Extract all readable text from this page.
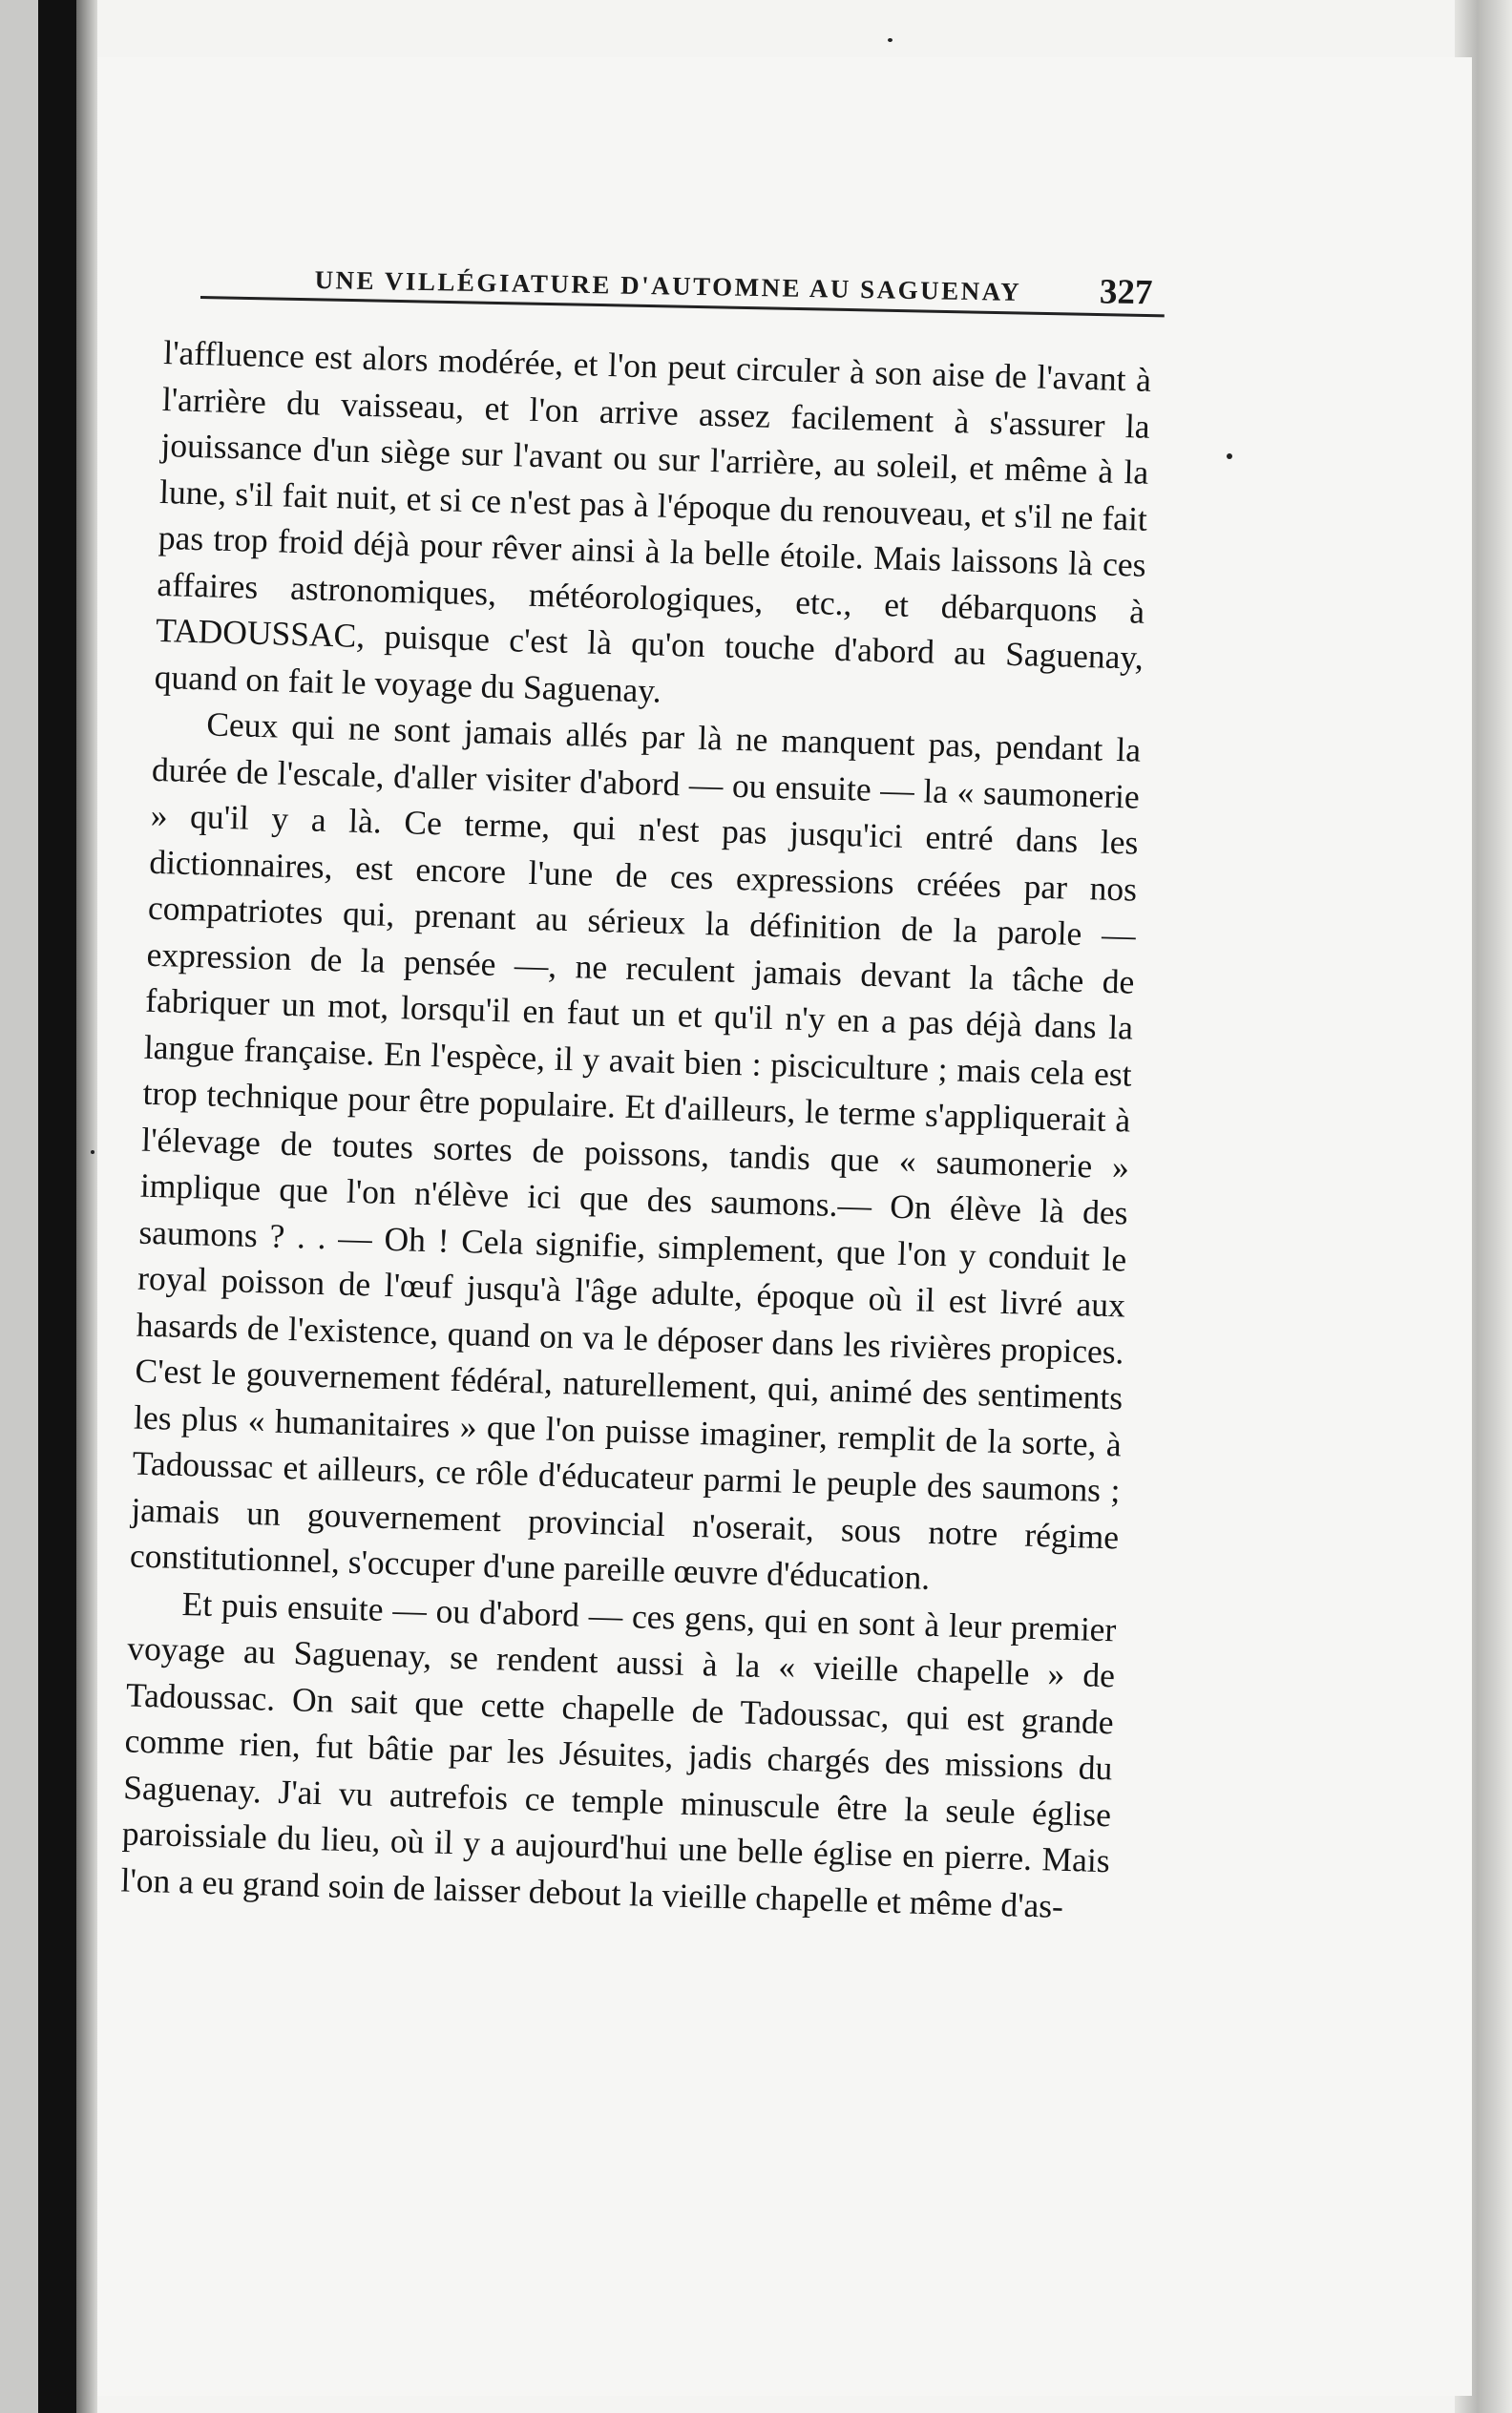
UNE VILLÉGIATURE D'AUTOMNE AU SAGUENAY 327

l'affluence est alors modérée, et l'on peut circuler à son aise de l'avant à l'arrière du vaisseau, et l'on arrive assez facilement à s'assurer la jouissance d'un siège sur l'avant ou sur l'arrière, au soleil, et même à la lune, s'il fait nuit, et si ce n'est pas à l'époque du renouveau, et s'il ne fait pas trop froid déjà pour rêver ainsi à la belle étoile. Mais laissons là ces affaires astronomiques, météorologiques, etc., et débarquons à TADOUSSAC, puisque c'est là qu'on touche d'abord au Saguenay, quand on fait le voyage du Saguenay.

Ceux qui ne sont jamais allés par là ne manquent pas, pendant la durée de l'escale, d'aller visiter d'abord — ou ensuite — la « saumonerie » qu'il y a là. Ce terme, qui n'est pas jusqu'ici entré dans les dictionnaires, est encore l'une de ces expressions créées par nos compatriotes qui, prenant au sérieux la définition de la parole — expression de la pensée —, ne reculent jamais devant la tâche de fabriquer un mot, lorsqu'il en faut un et qu'il n'y en a pas déjà dans la langue française. En l'espèce, il y avait bien : pisciculture ; mais cela est trop technique pour être populaire. Et d'ailleurs, le terme s'appliquerait à l'élevage de toutes sortes de poissons, tandis que « saumonerie » implique que l'on n'élève ici que des saumons.— On élève là des saumons ? . . — Oh ! Cela signifie, simplement, que l'on y conduit le royal poisson de l'œuf jusqu'à l'âge adulte, époque où il est livré aux hasards de l'existence, quand on va le déposer dans les rivières propices. C'est le gouvernement fédéral, naturellement, qui, animé des sentiments les plus « humanitaires » que l'on puisse imaginer, remplit de la sorte, à Tadoussac et ailleurs, ce rôle d'éducateur parmi le peuple des saumons ; jamais un gouvernement provincial n'oserait, sous notre régime constitutionnel, s'occuper d'une pareille œuvre d'éducation.

Et puis ensuite — ou d'abord — ces gens, qui en sont à leur premier voyage au Saguenay, se rendent aussi à la « vieille chapelle » de Tadoussac. On sait que cette chapelle de Tadoussac, qui est grande comme rien, fut bâtie par les Jésuites, jadis chargés des missions du Saguenay. J'ai vu autrefois ce temple minuscule être la seule église paroissiale du lieu, où il y a aujourd'hui une belle église en pierre. Mais l'on a eu grand soin de laisser debout la vieille chapelle et même d'as-
